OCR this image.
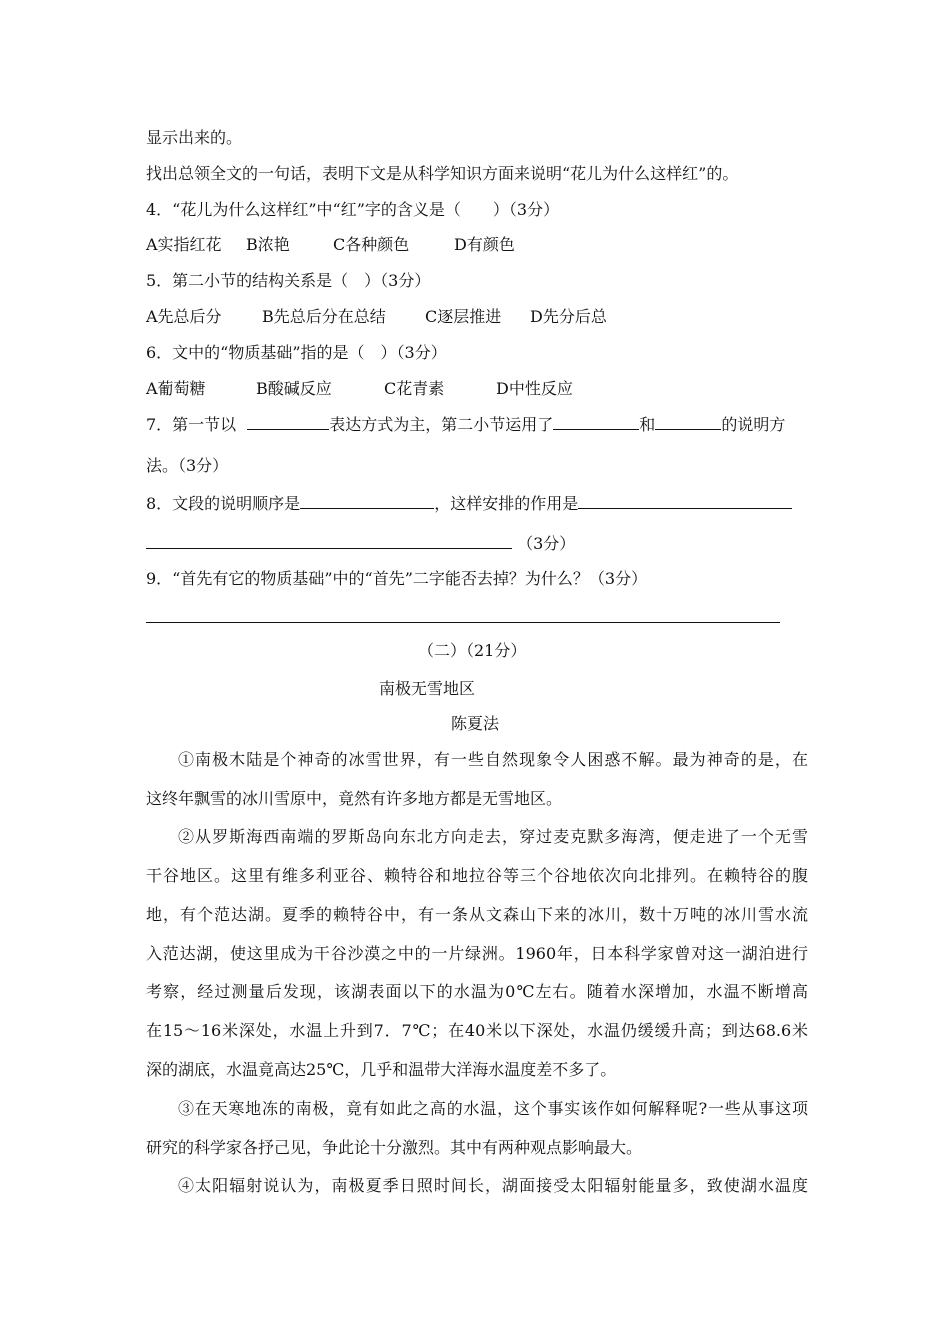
显示出来的。
找出总领全文的一句话，表明下文是从科学知识方面来说明“花儿为什么这样红”的。
4．“花儿为什么这样红”中“红”字的含义是（　　）（3分）
A实指红花 B浓艳	C各种颜色	D有颜色
5．第二小节的结构关系是（　）（3分）
A先总后分	B先总后分在总结 C逐层推进 D先分后总
6．文中的“物质基础”指的是（　）（3分）
A葡萄糖	B酸碱反应	C花青素	D中性反应
7．第一节以	表达方式为主，第二小节运用了	和	的说明方
法。（3分）
8．文段的说明顺序是	，这样安排的作用是
（3分）
9．“首先有它的物质基础”中的“首先”二字能否去掉？为什么？（3分）
（二）（21分）
南极无雪地区
陈夏法
①南极木陆是个神奇的冰雪世界，有一些自然现象令人困惑不解。最为神奇的是，在
这终年飘雪的冰川雪原中，竟然有许多地方都是无雪地区。
②从罗斯海西南端的罗斯岛向东北方向走去，穿过麦克默多海湾，便走进了一个无雪
干谷地区。这里有维多利亚谷、赖特谷和地拉谷等三个谷地依次向北排列。在赖特谷的腹
地，有个范达湖。夏季的赖特谷中，有一条从文森山下来的冰川，数十万吨的冰川雪水流
入范达湖，使这里成为干谷沙漠之中的一片绿洲。1960年，日本科学家曾对这一湖泊进行
考察，经过测量后发现，该湖表面以下的水温为0℃左右。随着水深增加，水温不断增高
在15～16米深处，水温上升到7．7℃；在40米以下深处，水温仍缓缓升高；到达68.6米
深的湖底，水温竟高达25℃，几乎和温带大洋海水温度差不多了。
③在天寒地冻的南极，竟有如此之高的水温，这个事实该作如何解释呢?一些从事这项
研究的科学家各抒己见，争此论十分激烈。其中有两种观点影响最大。
④太阳辐射说认为，南极夏季日照时间长，湖面接受太阳辐射能量多，致使湖水温度
